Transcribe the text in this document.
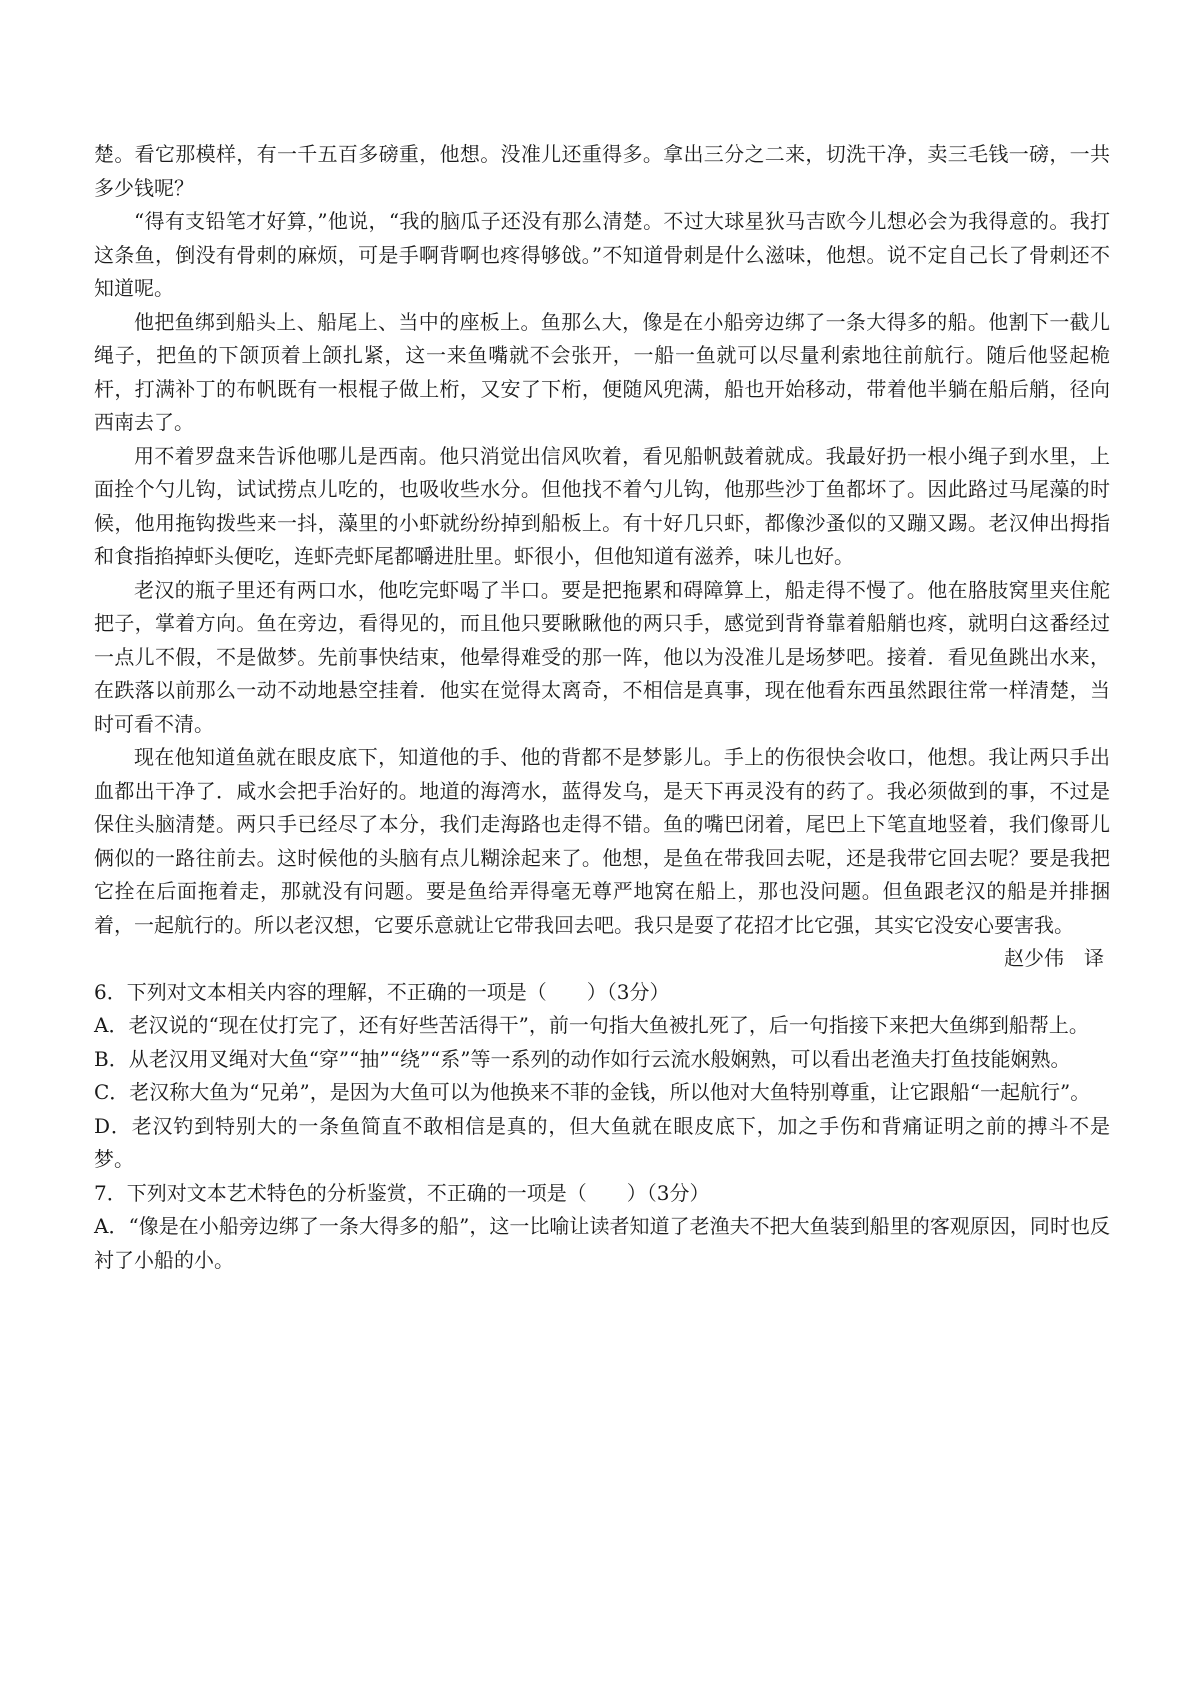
楚。看它那模样，有一千五百多磅重，他想。没准儿还重得多。拿出三分之二来，切洗干净，卖三毛钱一磅，一共多少钱呢？

“得有支铅笔才好算，”他说，“我的脑瓜子还没有那么清楚。不过大球星狄马吉欧今儿想必会为我得意的。我打这条鱼，倒没有骨刺的麻烦，可是手啊背啊也疼得够戗。”不知道骨刺是什么滋味，他想。说不定自己长了骨刺还不知道呢。

他把鱼绑到船头上、船尾上、当中的座板上。鱼那么大，像是在小船旁边绑了一条大得多的船。他割下一截儿绳子，把鱼的下颌顶着上颌扎紧，这一来鱼嘴就不会张开，一船一鱼就可以尽量利索地往前航行。随后他竖起桅杆，打满补丁的布帆既有一根棍子做上桁，又安了下桁，便随风兜满，船也开始移动，带着他半躺在船后艄，径向西南去了。

用不着罗盘来告诉他哪儿是西南。他只消觉出信风吹着，看见船帆鼓着就成。我最好扔一根小绳子到水里，上面拴个勺儿钩，试试捞点儿吃的，也吸收些水分。但他找不着勺儿钩，他那些沙丁鱼都坏了。因此路过马尾藻的时候，他用拖钩拨些来一抖，藻里的小虾就纷纷掉到船板上。有十好几只虾，都像沙蚤似的又蹦又踢。老汉伸出拇指和食指掐掉虾头便吃，连虾壳虾尾都嚼进肚里。虾很小，但他知道有滋养，味儿也好。

老汉的瓶子里还有两口水，他吃完虾喝了半口。要是把拖累和碍障算上，船走得不慢了。他在胳肢窝里夹住舵把子，掌着方向。鱼在旁边，看得见的，而且他只要瞅瞅他的两只手，感觉到背脊靠着船艄也疼，就明白这番经过一点儿不假，不是做梦。先前事快结束，他晕得难受的那一阵，他以为没准儿是场梦吧。接着．看见鱼跳出水来，在跌落以前那么一动不动地悬空挂着．他实在觉得太离奇，不相信是真事，现在他看东西虽然跟往常一样清楚，当时可看不清。

现在他知道鱼就在眼皮底下，知道他的手、他的背都不是梦影儿。手上的伤很快会收口，他想。我让两只手出血都出干净了．咸水会把手治好的。地道的海湾水，蓝得发乌，是天下再灵没有的药了。我必须做到的事，不过是保住头脑清楚。两只手已经尽了本分，我们走海路也走得不错。鱼的嘴巴闭着，尾巴上下笔直地竖着，我们像哥儿俩似的一路往前去。这时候他的头脑有点儿糊涂起来了。他想，是鱼在带我回去呢，还是我带它回去呢？要是我把它拴在后面拖着走，那就没有问题。要是鱼给弄得毫无尊严地窝在船上，那也没问题。但鱼跟老汉的船是并排捆着，一起航行的。所以老汉想，它要乐意就让它带我回去吧。我只是耍了花招才比它强，其实它没安心要害我。

赵少伟　译

6．下列对文本相关内容的理解，不正确的一项是（　　）（3分）

A．老汉说的“现在仗打完了，还有好些苦活得干”，前一句指大鱼被扎死了，后一句指接下来把大鱼绑到船帮上。

B．从老汉用叉绳对大鱼“穿”“抽”“绕”“系”等一系列的动作如行云流水般娴熟，可以看出老渔夫打鱼技能娴熟。

C．老汉称大鱼为“兄弟”，是因为大鱼可以为他换来不菲的金钱，所以他对大鱼特别尊重，让它跟船“一起航行”。

D．老汉钓到特别大的一条鱼简直不敢相信是真的，但大鱼就在眼皮底下，加之手伤和背痛证明之前的搏斗不是梦。

7．下列对文本艺术特色的分析鉴赏，不正确的一项是（　　）（3分）

A．“像是在小船旁边绑了一条大得多的船”，这一比喻让读者知道了老渔夫不把大鱼装到船里的客观原因，同时也反衬了小船的小。
